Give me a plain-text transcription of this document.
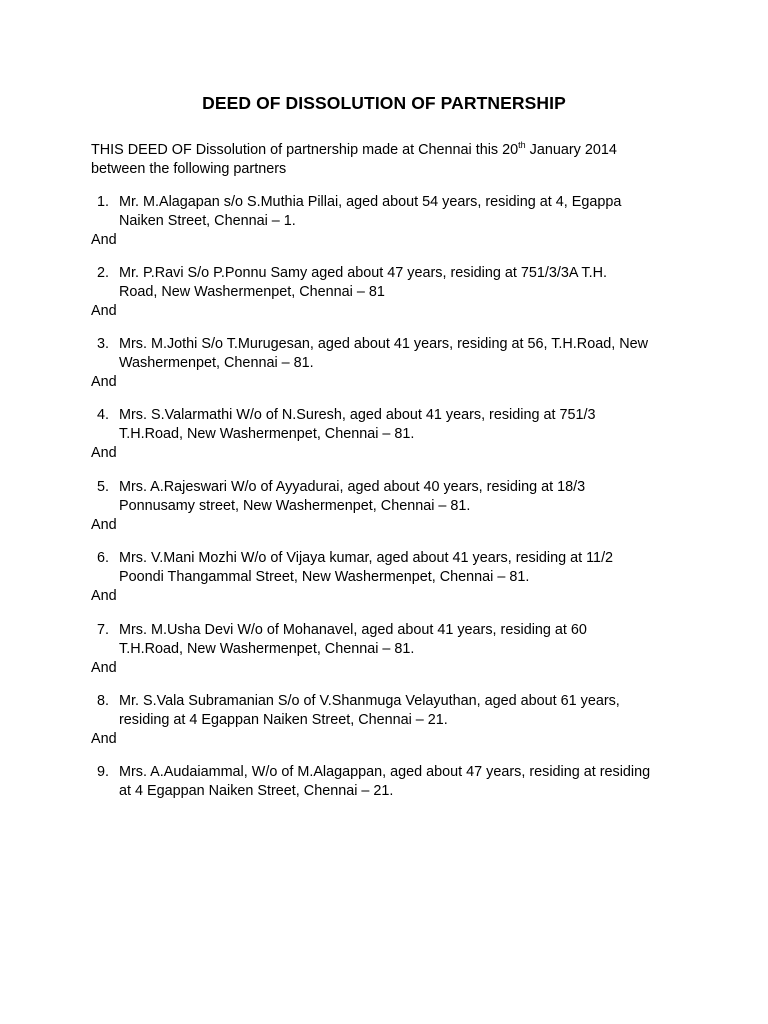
DEED OF DISSOLUTION OF PARTNERSHIP

THIS DEED OF Dissolution of partnership made at Chennai this 20th January 2014
between the following partners

1. Mr. M.Alagapan s/o S.Muthia Pillai, aged about 54 years, residing at 4, Egappa
Naiken Street, Chennai – 1.
And
2. Mr. P.Ravi S/o P.Ponnu Samy aged about 47 years, residing at 751/3/3A T.H.
Road, New Washermenpet, Chennai – 81
And
3. Mrs. M.Jothi S/o T.Murugesan, aged about 41 years, residing at 56, T.H.Road, New
Washermenpet, Chennai – 81.
And
4. Mrs. S.Valarmathi W/o of N.Suresh, aged about 41 years, residing at 751/3
T.H.Road, New Washermenpet, Chennai – 81.
And
5. Mrs. A.Rajeswari W/o of Ayyadurai, aged about 40 years, residing at 18/3
Ponnusamy street, New Washermenpet, Chennai – 81.
And
6. Mrs. V.Mani Mozhi W/o of Vijaya kumar, aged about 41 years, residing at 11/2
Poondi Thangammal Street, New Washermenpet, Chennai – 81.
And
7. Mrs. M.Usha Devi W/o of Mohanavel, aged about 41 years, residing at 60
T.H.Road, New Washermenpet, Chennai – 81.
And
8. Mr. S.Vala Subramanian S/o of V.Shanmuga Velayuthan, aged about 61 years,
residing at 4 Egappan Naiken Street, Chennai – 21.
And
9. Mrs. A.Audaiammal, W/o of M.Alagappan, aged about 47 years, residing at residing
at 4 Egappan Naiken Street, Chennai – 21.
